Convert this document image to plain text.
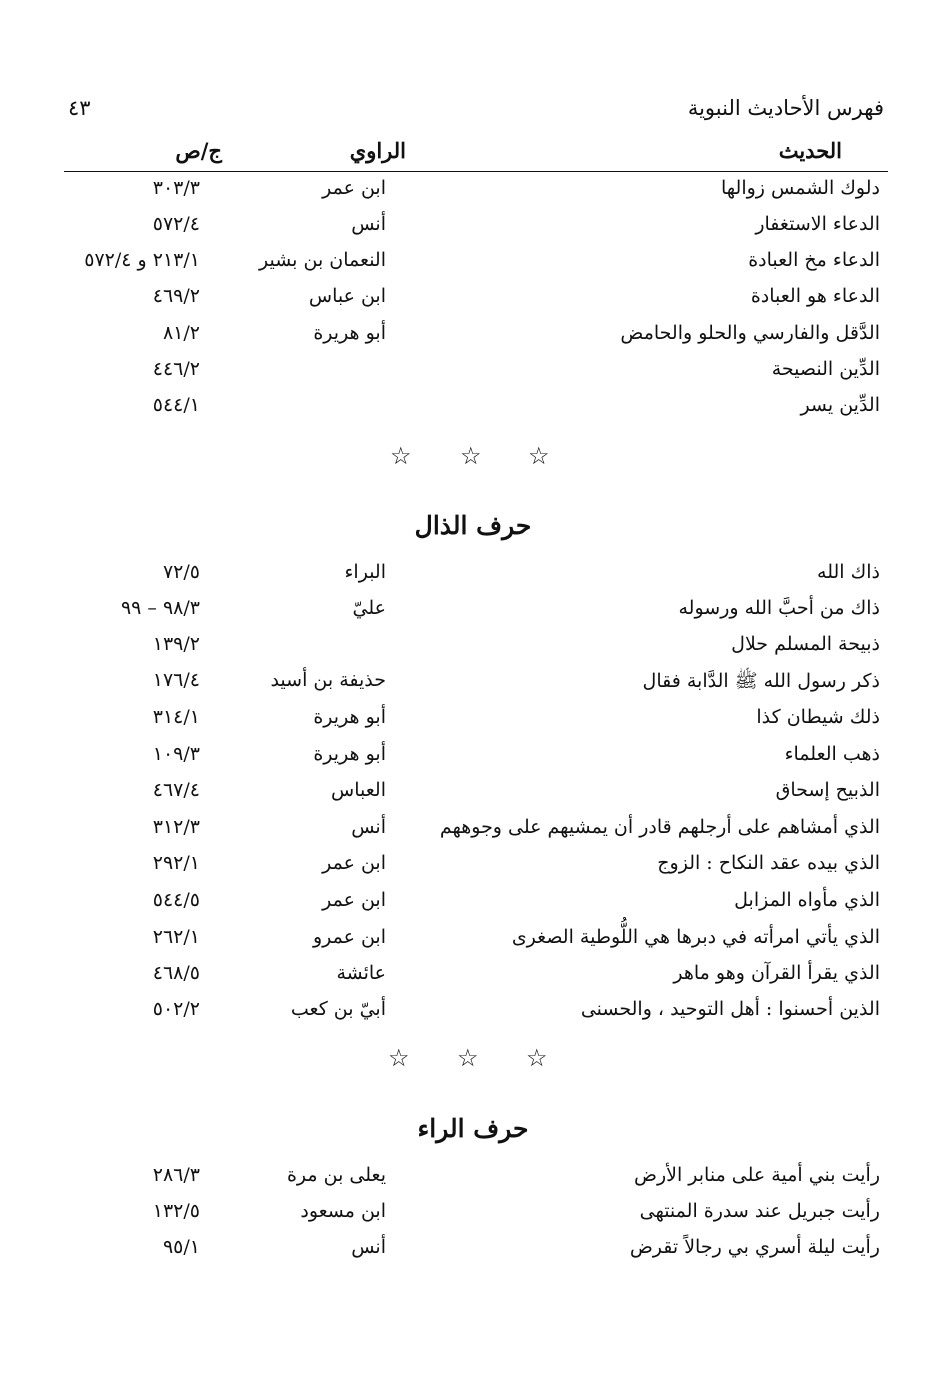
فهرس الأحاديث النبوية
٤٣
الحديث
الراوي
ج/ص
دلوك الشمس زوالها
ابن عمر
٣٠٣/٣
الدعاء الاستغفار
أنس
٥٧٢/٤
الدعاء مخ العبادة
النعمان بن بشير
٢١٣/١ و ٥٧٢/٤
الدعاء هو العبادة
ابن عباس
٤٦٩/٢
الدَّقل والفارسي والحلو والحامض
أبو هريرة
٨١/٢
الدِّين النصيحة
٤٤٦/٢
الدِّين يسر
٥٤٤/١
☆ ☆ ☆
حرف الذال
ذاك الله
البراء
٧٢/٥
ذاك من أحبَّ الله ورسوله
عليّ
٩٨/٣ – ٩٩
ذبيحة المسلم حلال
١٣٩/٢
ذكر رسول الله ﷺ الدَّابة فقال
حذيفة بن أسيد
١٧٦/٤
ذلك شيطان كذا
أبو هريرة
٣١٤/١
ذهب العلماء
أبو هريرة
١٠٩/٣
الذبيح إسحاق
العباس
٤٦٧/٤
الذي أمشاهم على أرجلهم قادر أن يمشيهم على وجوههم
أنس
٣١٢/٣
الذي بيده عقد النكاح : الزوج
ابن عمر
٢٩٢/١
الذي مأواه المزابل
ابن عمر
٥٤٤/٥
الذي يأتي امرأته في دبرها هي اللُّوطية الصغرى
ابن عمرو
٢٦٢/١
الذي يقرأ القرآن وهو ماهر
عائشة
٤٦٨/٥
الذين أحسنوا : أهل التوحيد ، والحسنى
أبيّ بن كعب
٥٠٢/٢
☆ ☆ ☆
حرف الراء
رأيت بني أمية على منابر الأرض
يعلى بن مرة
٢٨٦/٣
رأيت جبريل عند سدرة المنتهى
ابن مسعود
١٣٢/٥
رأيت ليلة أسري بي رجالاً تقرض
أنس
٩٥/١
